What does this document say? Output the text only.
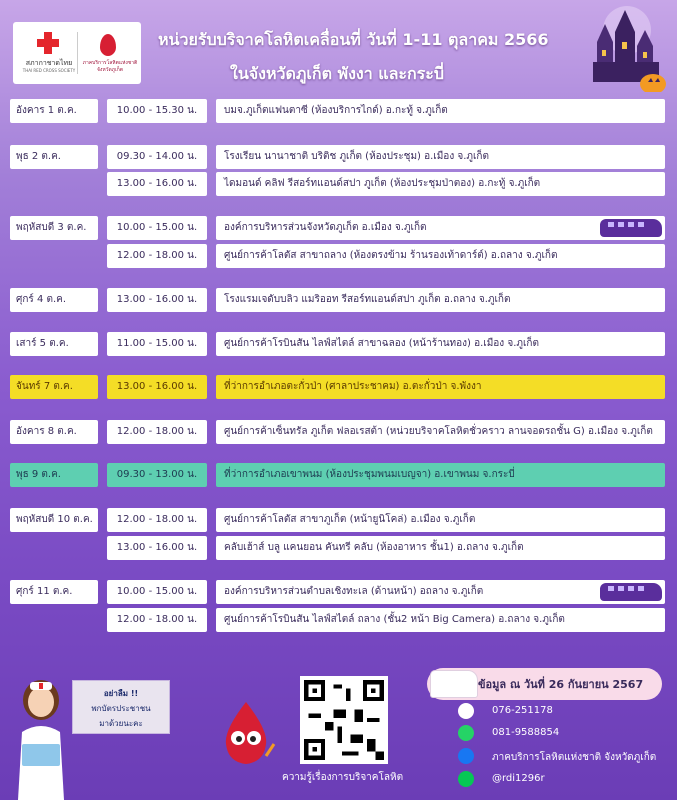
สภากาชาดไทย
THAI RED CROSS SOCIETY
ภาคบริการโลหิตแห่งชาติ จังหวัดภูเก็ต
หน่วยรับบริจาคโลหิตเคลื่อนที่ วันที่ 1-11 ตุลาคม 2566
ในจังหวัดภูเก็ต พังงา และกระบี่
อังคาร 1 ต.ค.	10.00 - 15.30 น.	บมจ.ภูเก็ตแฟนตาซี (ห้องบริการไกด์) อ.กะทู้ จ.ภูเก็ต
พุธ 2 ต.ค.	09.30 - 14.00 น.	โรงเรียน นานาชาติ บริติช ภูเก็ต (ห้องประชุม) อ.เมือง จ.ภูเก็ต
13.00 - 16.00 น.	ไดมอนด์ คลิฟ รีสอร์ทแอนด์สปา ภูเก็ต (ห้องประชุมป่าตอง) อ.กะทู้ จ.ภูเก็ต
พฤหัสบดี 3 ต.ค.	10.00 - 15.00 น.	องค์การบริหารส่วนจังหวัดภูเก็ต อ.เมือง จ.ภูเก็ต
12.00 - 18.00 น.	ศูนย์การค้าโลตัส สาขาถลาง (ห้องตรงข้าม ร้านรองเท้าดาร์ต์) อ.ถลาง จ.ภูเก็ต
ศุกร์ 4 ต.ค.	13.00 - 16.00 น.	โรงแรมเจดับบลิว แมริออท รีสอร์ทแอนด์สปา ภูเก็ต อ.ถลาง จ.ภูเก็ต
เสาร์ 5 ต.ค.	11.00 - 15.00 น.	ศูนย์การค้าโรบินสัน ไลฟ์สไตล์ สาขาฉลอง (หน้าร้านทอง) อ.เมือง จ.ภูเก็ต
จันทร์ 7 ต.ค.	13.00 - 16.00 น.	ที่ว่าการอำเภอตะกั่วป่า (ศาลาประชาคม) อ.ตะกั่วป่า จ.พังงา
อังคาร 8 ต.ค.	12.00 - 18.00 น.	ศูนย์การค้าเซ็นทรัล ภูเก็ต ฟลอเรสต้า (หน่วยบริจาคโลหิตชั่วคราว ลานจอดรถชั้น G) อ.เมือง จ.ภูเก็ต
พุธ 9 ต.ค.	09.30 - 13.00 น.	ที่ว่าการอำเภอเขาพนม (ห้องประชุมพนมเบญจา) อ.เขาพนม จ.กระบี่
พฤหัสบดี 10 ต.ค.	12.00 - 18.00 น.	ศูนย์การค้าโลตัส สาขาภูเก็ต (หน้ายูนิโคล่) อ.เมือง จ.ภูเก็ต
13.00 - 16.00 น.	คลับเฮ้าส์ บลู แคนยอน คันทรี คลับ (ห้องอาหาร ชั้น1) อ.ถลาง จ.ภูเก็ต
ศุกร์ 11 ต.ค.	10.00 - 15.00 น.	องค์การบริหารส่วนตำบลเชิงทะเล (ด้านหน้า) อถลาง จ.ภูเก็ต
12.00 - 18.00 น.	ศูนย์การค้าโรบินสัน ไลฟ์สไตล์ ถลาง (ชั้น2 หน้า Big Camera) อ.ถลาง จ.ภูเก็ต
อย่าลืม !!
พกบัตรประชาชน
มาด้วยนะคะ
ความรู้เรื่องการบริจาคโลหิต
ข้อมูล ณ วันที่ 26 กันยายน 2567
076-251178
081-9588854
ภาคบริการโลหิตแห่งชาติ จังหวัดภูเก็ต
@rdi1296r
